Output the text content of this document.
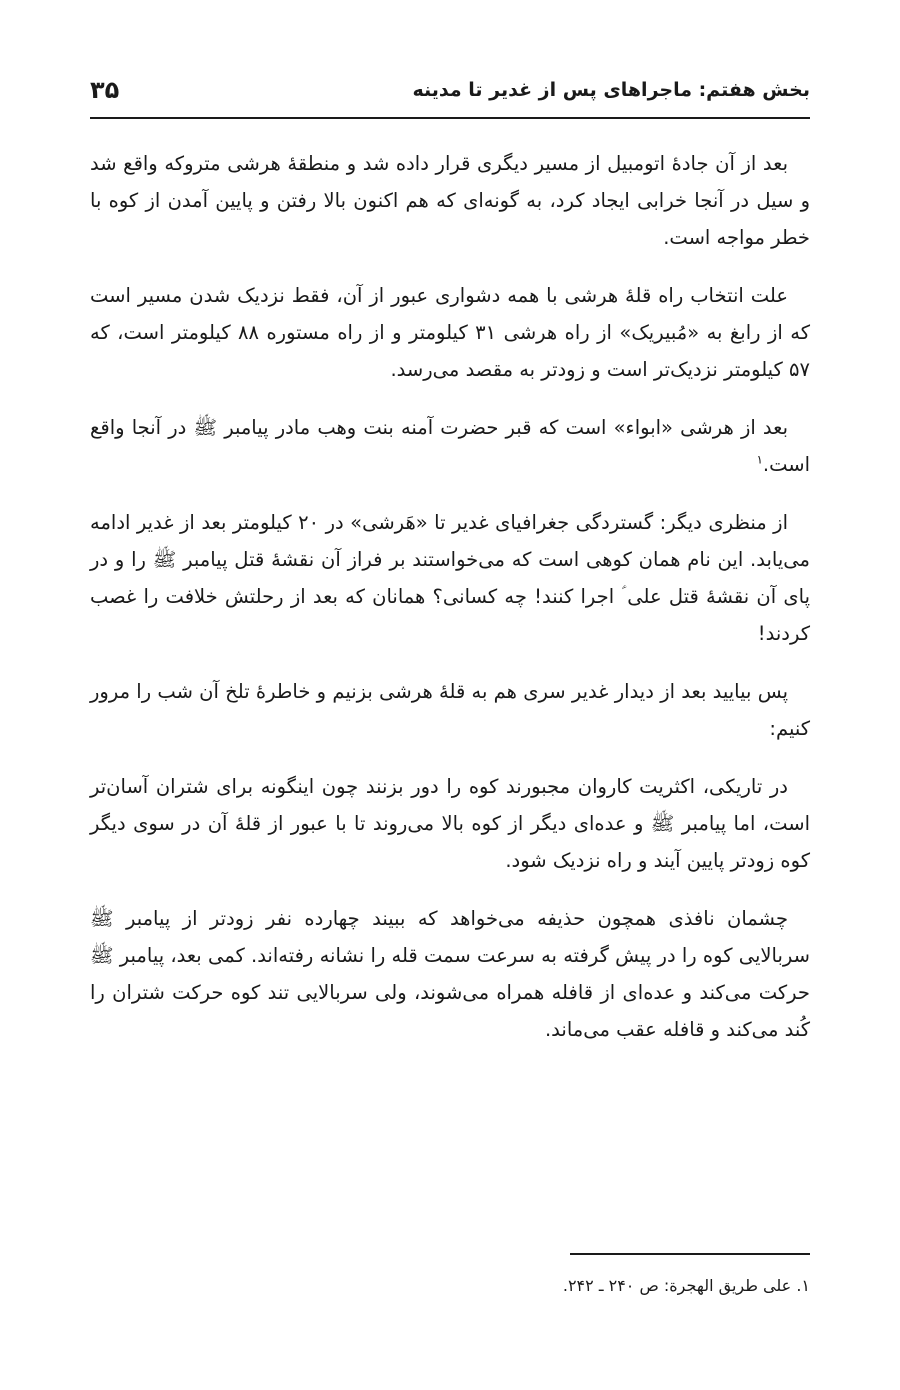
بخش هفتم: ماجراهای پس از غدیر تا مدینه
۳۵

بعد از آن جادهٔ اتومبیل از مسیر دیگری قرار داده شد و منطقهٔ هرشی متروکه واقع شد و سیل در آنجا خرابی ایجاد کرد، به گونه‌ای که هم اکنون بالا رفتن و پایین آمدن از کوه با خطر مواجه است.

علت انتخاب راه قلهٔ هرشی با همه دشواری عبور از آن، فقط نزدیک شدن مسیر است که از رابغ به «مُبیریک» از راه هرشی ۳۱ کیلومتر و از راه مستوره ۸۸ کیلومتر است، که ۵۷ کیلومتر نزدیک‌تر است و زودتر به مقصد می‌رسد.

بعد از هرشی «ابواء» است که قبر حضرت آمنه بنت وهب مادر پیامبر ﷺ در آنجا واقع است.$^۱$

از منظری دیگر: گستردگی جغرافیای غدیر تا «هَرشی» در ۲۰ کیلومتر بعد از غدیر ادامه می‌یابد. این نام همان کوهی است که می‌خواستند بر فراز آن نقشهٔ قتل پیامبر ﷺ را و در پای آن نقشهٔ قتل علی ؑ اجرا کنند! چه کسانی؟ همانان که بعد از رحلتش خلافت را غصب کردند!

پس بیایید بعد از دیدار غدیر سری هم به قلهٔ هرشی بزنیم و خاطرهٔ تلخ آن شب را مرور کنیم:

در تاریکی، اکثریت کاروان مجبورند کوه را دور بزنند چون اینگونه برای شتران آسان‌تر است، اما پیامبر ﷺ و عده‌ای دیگر از کوه بالا می‌روند تا با عبور از قلهٔ آن در سوی دیگر کوه زودتر پایین آیند و راه نزدیک شود.

چشمان نافذی همچون حذیفه می‌خواهد که ببیند چهارده نفر زودتر از پیامبر ﷺ سربالایی کوه را در پیش گرفته به سرعت سمت قله را نشانه رفته‌اند. کمی بعد، پیامبر ﷺ حرکت می‌کند و عده‌ای از قافله همراه می‌شوند، ولی سربالایی تند کوه حرکت شتران را کُند می‌کند و قافله عقب می‌ماند.

۱. علی طریق الهجرة: ص ۲۴۰ ـ ۲۴۲.
